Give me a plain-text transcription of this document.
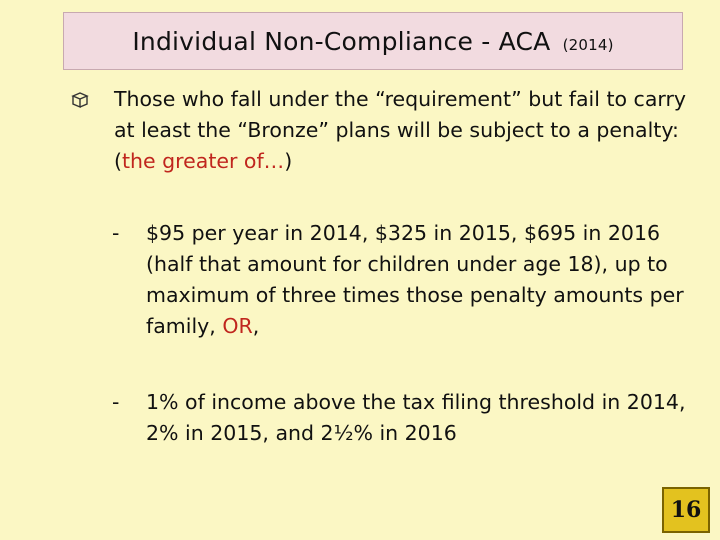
Individual Non-Compliance - ACA (2014)
Those who fall under the “requirement” but fail to carry at least the “Bronze” plans will be subject to a penalty: (the greater of…)
- $95 per year in 2014, $325 in 2015, $695 in 2016 (half that amount for children under age 18), up to maximum of three times those penalty amounts per family, OR,
- 1% of income above the tax filing threshold in 2014, 2% in 2015, and 2½% in 2016
16
